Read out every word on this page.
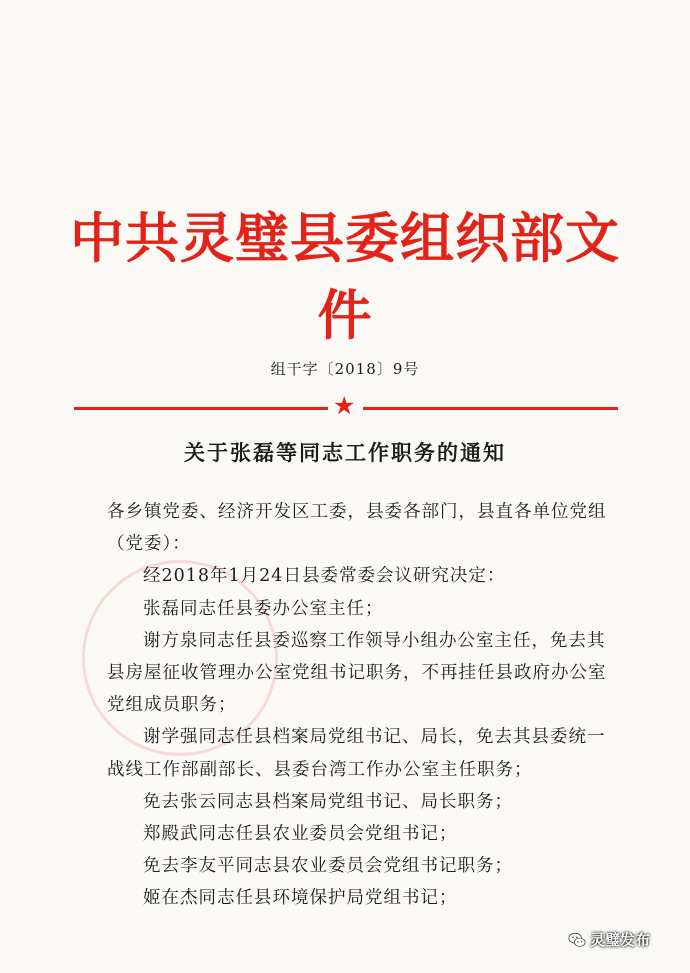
中共灵璧县委组织部文件
组干字〔2018〕9号
★
关于张磊等同志工作职务的通知

各乡镇党委、经济开发区工委，县委各部门，县直各单位党组（党委）：

经2018年1月24日县委常委会议研究决定：

张磊同志任县委办公室主任；

谢方泉同志任县委巡察工作领导小组办公室主任，免去其县房屋征收管理办公室党组书记职务，不再挂任县政府办公室党组成员职务；

谢学强同志任县档案局党组书记、局长，免去其县委统一战线工作部副部长、县委台湾工作办公室主任职务；

免去张云同志县档案局党组书记、局长职务；

郑殿武同志任县农业委员会党组书记；

免去李友平同志县农业委员会党组书记职务；

姬在杰同志任县环境保护局党组书记；

灵璧发布
